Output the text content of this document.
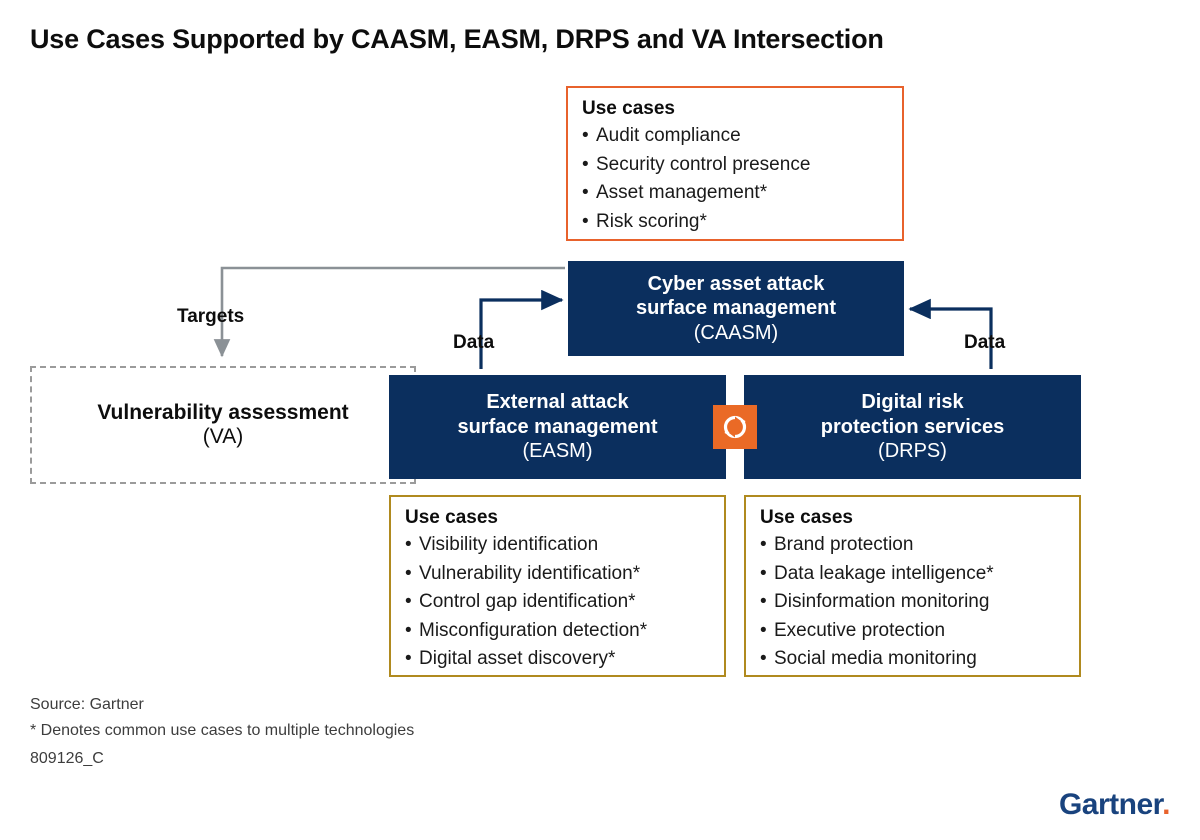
Use Cases Supported by CAASM, EASM, DRPS and VA Intersection
Use cases
• Audit compliance
• Security control presence
• Asset management*
• Risk scoring*
Cyber asset attack
surface management
(CAASM)
Targets
Data	Data
Vulnerability assessment
(VA)
External attack
surface management
(EASM)
Digital risk
protection services
(DRPS)
Use cases
• Visibility identification
• Vulnerability identification*
• Control gap identification*
• Misconfiguration detection*
• Digital asset discovery*
Use cases
• Brand protection
• Data leakage intelligence*
• Disinformation monitoring
• Executive protection
• Social media monitoring
Source: Gartner
* Denotes common use cases to multiple technologies
809126_C
Gartner.
